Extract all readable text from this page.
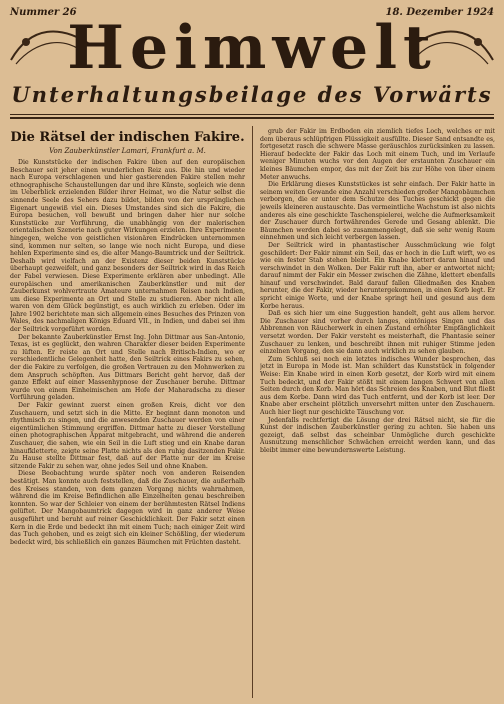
Nummer 26	18. Dezember 1924
Heimwelt
Unterhaltungsbeilage des Vorwärts
Die Rätsel der indischen Fakire.
Von Zauberkünstler Lamari, Frankfurt a. M.

Die Kunststücke der indischen Fakire üben auf den europäischen Beschauer seit jeher einen wunderlichen Reiz aus. Die hin und wieder nach Europa verschlagenen und hier gastierenden Fakire stellen mehr ethnographische Schaustellungen dar und ihre Künste, sogleich wie denn im Ueberblick erzielenden Bilder ihrer Heimat, wo die Natur selbst die sinnende Seele des Sehers dazu bildet, bilden von der ursprünglichen Eigenart ungewiß viel ein. Dieses Umstandes sind sich die Fakire, die Europa besuchen, voll bewußt und bringen daher hier nur solche Kunststücke zur Vorführung, die unabhängig von der malerischen orientalischen Szenerie nach guter Wirkungen erzielen. Ihre Experimente hingegen, welche von geistlichen visionären Eindrücken unternommen sind, kommen nur selten, so lange wie noch nicht Europa, und diese hehlen Experimente sind es, die alter Mango-Baumtrick und der Seiltrick. Deshalb wird vielfach an der Existenz dieser beiden Kunststücke überhaupt gezweifelt, und ganz besonders der Seiltrick wird in das Reich der Fabel verwiesen. Diese Experimente erklären aber unbedingt. Alle europäischen und amerikanischen Zauberkünstler und mit der Zauberkunst wohlvertraute Amateure unternahmen Reisen nach Indien, um diese Experimente an Ort und Stelle zu studieren. Aber nicht alle waren von dem Glück begünstigt, es auch wirklich zu erleben. Oder im Jahre 1902 berichtete man sich allgemein eines Besuches des Prinzen von Wales, des nachmaligen Königs Eduard VII., in Indien, und dabei sei ihm der Seiltrick vorgeführt worden.

Der bekannte Zauberkünstler Ernst Ing. John Dittmar aus San-Antonio, Texas, ist es geglückt, den wahren Charakter dieser beiden Experimente zu lüften. Er reiste an Ort und Stelle nach Britisch-Indien, wo er verschiedentliche Gelegenheit hatte, den Seiltrick eines Fakirs zu sehen, der die Fakire zu verfolgen, die großen Vertrauen zu den Mohnwerken zu dem Anspruch schöpften. Aus Dittmars Bericht geht hervor, daß der ganze Effekt auf einer Massenhypnose der Zuschauer beruhe. Dittmar wurde von einem Einheimischen am Hofe der Maharadscha zu dieser Vorführung geladen.

Der Fakir gewinnt zuerst einen großen Kreis, dicht vor den Zuschauern, und setzt sich in die Mitte. Er beginnt dann monoton und rhythmisch zu singen, und die anwesenden Zuschauer werden von einer eigentümlichen Stimmung ergriffen. Dittmar hatte zu dieser Vorstellung einen photographischen Apparat mitgebracht, und während die anderen Zuschauer, die sahen, wie ein Seil in die Luft stieg und ein Knabe daran hinaufkletterte, zeigte seine Platte nichts als den ruhig dasitzenden Fakir. Zu Hause stellte Dittmar fest, daß auf der Platte nur der im Kreise sitzende Fakir zu sehen war, ohne jedes Seil und ohne Knaben.

Diese Beobachtung wurde später noch von anderen Reisenden bestätigt. Man konnte auch feststellen, daß die Zuschauer, die außerhalb des Kreises standen, von dem ganzen Vorgang nichts wahrnahmen, während die im Kreise Befindlichen alle Einzelheiten genau beschreiben konnten. So war der Schleier von einem der berühmtesten Rätsel Indiens gelüftet. Der Mangobaumtrick dagegen wird in ganz anderer Weise ausgeführt und beruht auf reiner Geschicklichkeit. Der Fakir setzt einen Kern in die Erde und bedeckt ihn mit einem Tuch; nach einiger Zeit wird das Tuch gehoben, und es zeigt sich ein kleiner Schößling, der wiederum bedeckt wird, bis schließlich ein ganzes Bäumchen mit Früchten dasteht.

grub der Fakir im Erdboden ein ziemlich tiefes Loch, welches er mit dem überaus schlüpfrigen Flüssigkeit ausfüllte. Dieser Sand entsandte es, fortgesetzt rasch die schwere Masse geräuschlos zurücksinken zu lassen. Hierauf bedeckte der Fakir das Loch mit einem Tuch, und im Verlaufe weniger Minuten wuchs vor den Augen der erstaunten Zuschauer ein kleines Bäumchen empor, das mit der Zeit bis zur Höhe von über einem Meter anwuchs.

Die Erklärung dieses Kunststückes ist sehr einfach. Der Fakir hatte in seinem weiten Gewande eine Anzahl verschieden großer Mangobäumchen verborgen, die er unter dem Schutze des Tuches geschickt gegen die jeweils kleineren austauschte. Das vermeintliche Wachstum ist also nichts anderes als eine geschickte Taschenspielerei, welche die Aufmerksamkeit der Zuschauer durch fortwährendes Gerede und Gesang ablenkt. Die Bäumchen werden dabei so zusammengelegt, daß sie sehr wenig Raum einnehmen und sich leicht verbergen lassen.

Der Seiltrick wird in phantastischer Ausschmückung wie folgt geschildert: Der Fakir nimmt ein Seil, das er hoch in die Luft wirft, wo es wie ein fester Stab stehen bleibt. Ein Knabe klettert daran hinauf und verschwindet in den Wolken. Der Fakir ruft ihn, aber er antwortet nicht; darauf nimmt der Fakir ein Messer zwischen die Zähne, klettert ebenfalls hinauf und verschwindet. Bald darauf fallen Gliedmaßen des Knaben herunter, die der Fakir, wieder heruntergekommen, in einen Korb legt. Er spricht einige Worte, und der Knabe springt heil und gesund aus dem Korbe heraus.

Daß es sich hier um eine Suggestion handelt, geht aus allem hervor. Die Zuschauer sind vorher durch langes, eintöniges Singen und das Abbrennen von Räucherwerk in einen Zustand erhöhter Empfänglichkeit versetzt worden. Der Fakir versteht es meisterhaft, die Phantasie seiner Zuschauer zu lenken, und beschreibt ihnen mit ruhiger Stimme jeden einzelnen Vorgang, den sie dann auch wirklich zu sehen glauben.

Zum Schluß sei noch ein letztes indisches Wunder besprochen, das jetzt in Europa in Mode ist. Man schildert das Kunststück in folgender Weise: Ein Knabe wird in einen Korb gesetzt, der Korb wird mit einem Tuch bedeckt, und der Fakir stößt mit einem langen Schwert von allen Seiten durch den Korb. Man hört das Schreien des Knaben, und Blut fließt aus dem Korbe. Dann wird das Tuch entfernt, und der Korb ist leer. Der Knabe aber erscheint plötzlich unversehrt mitten unter den Zuschauern. Auch hier liegt nur geschickte Täuschung vor.

Jedenfalls rechtfertigt die Lösung der drei Rätsel nicht, sie für die Kunst der indischen Zauberkünstler gering zu achten. Sie haben uns gezeigt, daß selbst das scheinbar Unmögliche durch geschickte Ausnutzung menschlicher Schwächen erreicht werden kann, und das bleibt immer eine bewundernswerte Leistung.
